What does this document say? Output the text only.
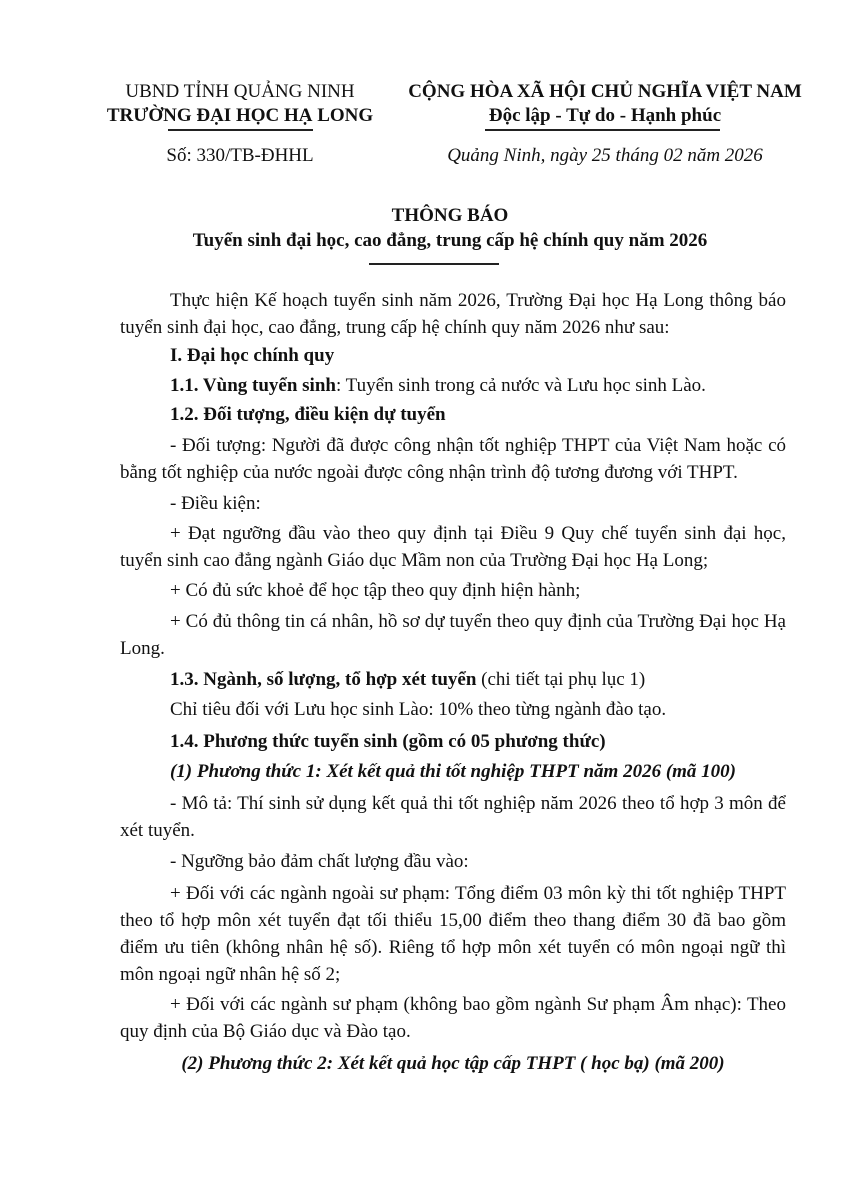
UBND TỈNH QUẢNG NINH
TRƯỜNG ĐẠI HỌC HẠ LONG
CỘNG HÒA XÃ HỘI CHỦ NGHĨA VIỆT NAM
Độc lập - Tự do - Hạnh phúc
Số: 330/TB-ĐHHL	Quảng Ninh, ngày 25 tháng 02 năm 2026
THÔNG BÁO
Tuyển sinh đại học, cao đẳng, trung cấp hệ chính quy năm 2026
Thực hiện Kế hoạch tuyển sinh năm 2026, Trường Đại học Hạ Long thông báo tuyển sinh đại học, cao đẳng, trung cấp hệ chính quy năm 2026 như sau:
I. Đại học chính quy
1.1. Vùng tuyển sinh: Tuyển sinh trong cả nước và Lưu học sinh Lào.
1.2. Đối tượng, điều kiện dự tuyển
- Đối tượng: Người đã được công nhận tốt nghiệp THPT của Việt Nam hoặc có bằng tốt nghiệp của nước ngoài được công nhận trình độ tương đương với THPT.
- Điều kiện:
+ Đạt ngưỡng đầu vào theo quy định tại Điều 9 Quy chế tuyển sinh đại học, tuyển sinh cao đẳng ngành Giáo dục Mầm non của Trường Đại học Hạ Long;
+ Có đủ sức khoẻ để học tập theo quy định hiện hành;
+ Có đủ thông tin cá nhân, hồ sơ dự tuyển theo quy định của Trường Đại học Hạ Long.
1.3. Ngành, số lượng, tổ hợp xét tuyển (chi tiết tại phụ lục 1)
Chỉ tiêu đối với Lưu học sinh Lào: 10% theo từng ngành đào tạo.
1.4. Phương thức tuyển sinh (gồm có 05 phương thức)
(1) Phương thức 1: Xét kết quả thi tốt nghiệp THPT năm 2026 (mã 100)
- Mô tả: Thí sinh sử dụng kết quả thi tốt nghiệp năm 2026 theo tổ hợp 3 môn để xét tuyển.
- Ngưỡng bảo đảm chất lượng đầu vào:
+ Đối với các ngành ngoài sư phạm: Tổng điểm 03 môn kỳ thi tốt nghiệp THPT theo tổ hợp môn xét tuyển đạt tối thiểu 15,00 điểm theo thang điểm 30 đã bao gồm điểm ưu tiên (không nhân hệ số). Riêng tổ hợp môn xét tuyển có môn ngoại ngữ thì môn ngoại ngữ nhân hệ số 2;
+ Đối với các ngành sư phạm (không bao gồm ngành Sư phạm Âm nhạc): Theo quy định của Bộ Giáo dục và Đào tạo.
(2) Phương thức 2: Xét kết quả học tập cấp THPT ( học bạ) (mã 200)
